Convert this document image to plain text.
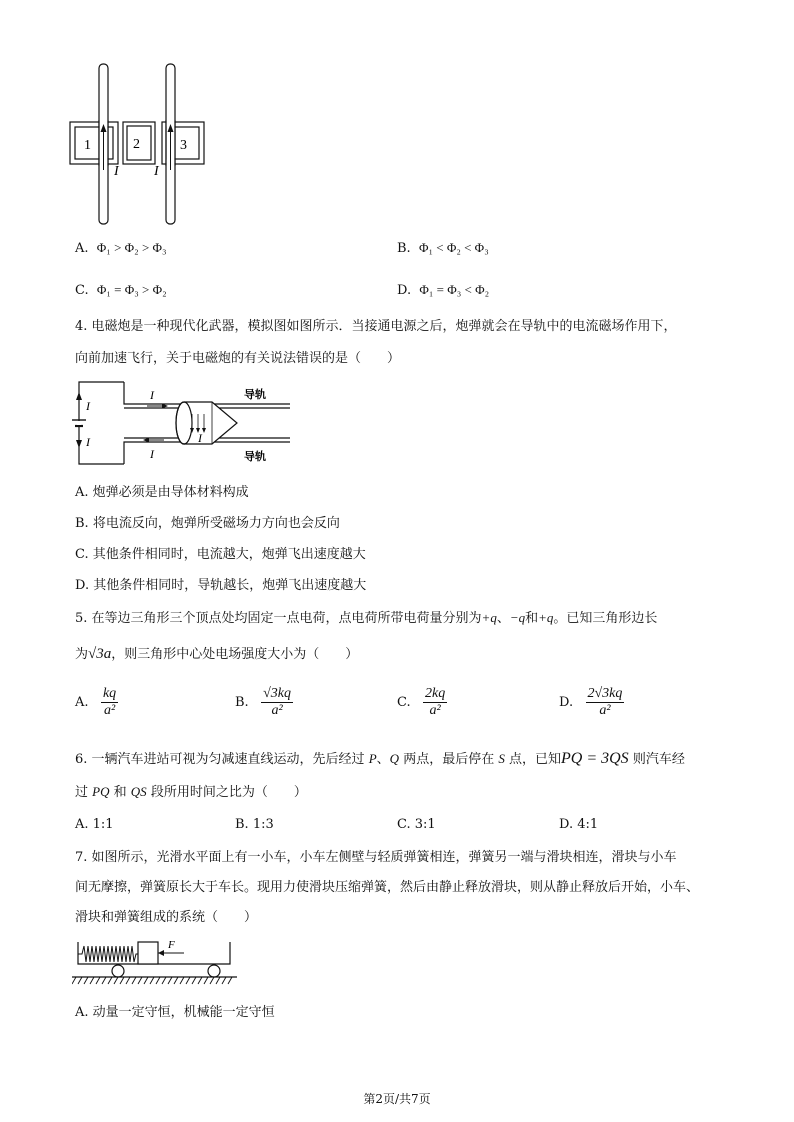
1	2	3
I	I
A. Φ₁ > Φ₂ > Φ₃	B. Φ₁ < Φ₂ < Φ₃
C. Φ₁ = Φ₃ > Φ₂	D. Φ₁ = Φ₃ < Φ₂
4. 电磁炮是一种现代化武器，模拟图如图所示．当接通电源之后，炮弹就会在导轨中的电流磁场作用下，
向前加速飞行，关于电磁炮的有关说法错误的是（　　）
I
I
I
I
I
导轨
导轨
A. 炮弹必须是由导体材料构成
B. 将电流反向，炮弹所受磁场力方向也会反向
C. 其他条件相同时，电流越大，炮弹飞出速度越大
D. 其他条件相同时，导轨越长，炮弹飞出速度越大
5. 在等边三角形三个顶点处均固定一点电荷，点电荷所带电荷量分别为+q、−q和+q。已知三角形边长
为√3a，则三角形中心处电场强度大小为（　　）
A. $\frac{kq}{\text{a²}}$	B. $\frac{√3kq}{\text{a²}}$	C. $\frac{2kq}{\text{a²}}$	D. $\frac{2√3kq}{\text{a²}}$
6. 一辆汽车进站可视为匀减速直线运动，先后经过 P、Q 两点，最后停在 S 点，已知PQ = 3QS 则汽车经
过 PQ 和 QS 段所用时间之比为（　　）
A. 1:1	B. 1:3	C. 3:1	D. 4:1
7. 如图所示，光滑水平面上有一小车，小车左侧壁与轻质弹簧相连，弹簧另一端与滑块相连，滑块与小车
间无摩擦，弹簧原长大于车长。现用力使滑块压缩弹簧，然后由静止释放滑块，则从静止释放后开始，小车、
滑块和弹簧组成的系统（　　）
F
A. 动量一定守恒，机械能一定守恒
第2页/共7页
